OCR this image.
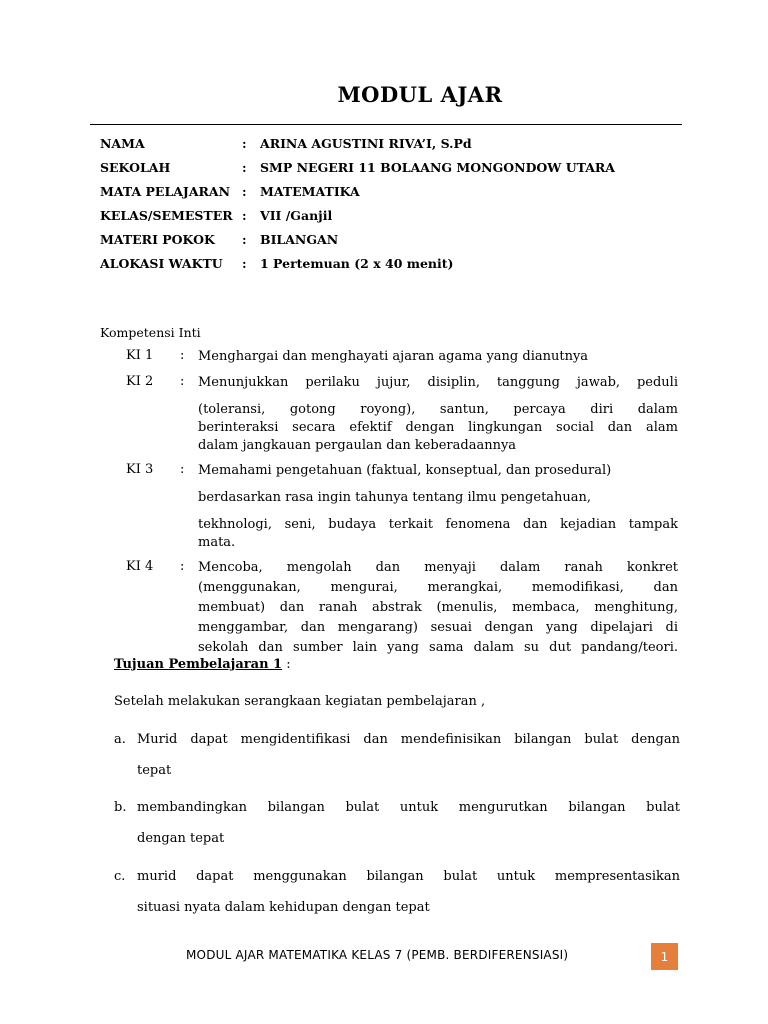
MODUL AJAR
NAMA	: ARINA AGUSTINI RIVA’I, S.Pd
SEKOLAH	: SMP NEGERI 11 BOLAANG MONGONDOW UTARA
MATA PELAJARAN : MATEMATIKA
KELAS/SEMESTER : VII /Ganjil
MATERI POKOK : BILANGAN
ALOKASI WAKTU : 1 Pertemuan (2 x 40 menit)
Kompetensi Inti
KI 1 : Menghargai dan menghayati ajaran agama yang dianutnya
KI 2 : Menunjukkan perilaku jujur, disiplin, tanggung jawab, peduli
(toleransi, gotong royong), santun, percaya diri dalam
berinteraksi secara efektif dengan lingkungan social dan alam
dalam jangkauan pergaulan dan keberadaannya
KI 3 : Memahami pengetahuan (faktual, konseptual, dan prosedural)
berdasarkan rasa ingin tahunya tentang ilmu pengetahuan,
tekhnologi, seni, budaya terkait fenomena dan kejadian tampak
mata.
KI 4 : Mencoba, mengolah dan menyaji dalam ranah konkret
(menggunakan, mengurai, merangkai, memodifikasi, dan
membuat) dan ranah abstrak (menulis, membaca, menghitung,
menggambar, dan mengarang) sesuai dengan yang dipelajari di
sekolah dan sumber lain yang sama dalam su dut pandang/teori.
Tujuan Pembelajaran 1 :
Setelah melakukan serangkaan kegiatan pembelajaran ,
a. Murid dapat mengidentifikasi dan mendefinisikan bilangan bulat dengan
tepat
b. membandingkan bilangan bulat untuk mengurutkan bilangan bulat
dengan tepat
c. murid dapat menggunakan bilangan bulat untuk mempresentasikan
situasi nyata dalam kehidupan dengan tepat
MODUL AJAR MATEMATIKA KELAS 7 (PEMB. BERDIFERENSIASI)	1
